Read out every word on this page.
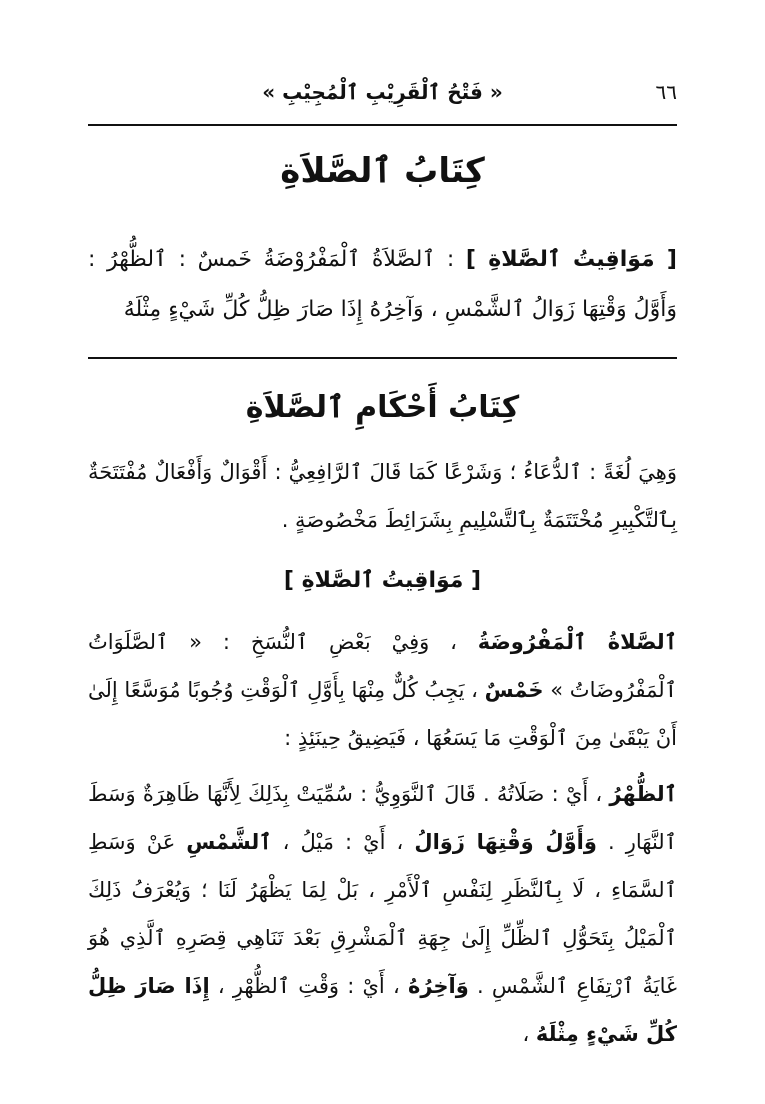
٦٦
« فَتْحُ ٱلْقَرِيْبِ ٱلْمُجِيْبِ »
كِتَابُ ٱلصَّلاَةِ
[ مَوَاقِيتُ ٱلصَّلاةِ ] : ٱلصَّلاَةُ ٱلْمَفْرُوْضَةُ خَمسٌ : ٱلظُّهْرُ : وَأَوَّلُ وَقْتِهَا زَوَالُ ٱلشَّمْسِ ، وَآخِرُهُ إِذَا صَارَ ظِلُّ كُلِّ شَيْءٍ مِثْلَهُ
كِتَابُ أَحْكَامِ ٱلصَّلاَةِ
وَهِيَ لُغَةً : ٱلدُّعَاءُ ؛ وَشَرْعًا كَمَا قَالَ ٱلرَّافِعِيُّ : أَقْوَالٌ وَأَفْعَالٌ مُفْتَتَحَةٌ بِٱلتَّكْبِيرِ مُخْتَتَمَةٌ بِٱلتَّسْلِيمِ بِشَرَائِطَ مَخْصُوصَةٍ .
[ مَوَاقِيتُ ٱلصَّلاةِ ]
ٱلصَّلاةُ ٱلْمَفْرُوضَةُ ، وَفِيْ بَعْضِ ٱلنُّسَخِ : « ٱلصَّلَوَاتُ ٱلْمَفْرُوضَاتُ » خَمْسٌ ، يَجِبُ كُلٌّ مِنْهَا بِأَوَّلِ ٱلْوَقْتِ وُجُوبًا مُوَسَّعًا إِلَىٰ أَنْ يَبْقَىٰ مِنَ ٱلْوَقْتِ مَا يَسَعُهَا ، فَيَضِيقُ حِينَئِذٍ :
ٱلظُّهْرُ ، أَيْ : صَلَاتُهُ . قَالَ ٱلنَّوَوِيُّ : سُمِّيَتْ بِذَلِكَ لِأَنَّهَا ظَاهِرَةٌ وَسَطَ ٱلنَّهَارِ . وَأَوَّلُ وَقْتِهَا زَوَالُ ، أَيْ : مَيْلُ ، ٱلشَّمْسِ عَنْ وَسَطِ ٱلسَّمَاءِ ، لَا بِٱلنَّظَرِ لِنَفْسِ ٱلْأَمْرِ ، بَلْ لِمَا يَظْهَرُ لَنَا ؛ وَيُعْرَفُ ذَلِكَ ٱلْمَيْلُ بِتَحَوُّلِ ٱلظِّلِّ إِلَىٰ جِهَةِ ٱلْمَشْرِقِ بَعْدَ تَنَاهِي قِصَرِهِ ٱلَّذِي هُوَ غَايَةُ ٱرْتِفَاعِ ٱلشَّمْسِ . وَآخِرُهُ ، أَيْ : وَقْتِ ٱلظُّهْرِ ، إِذَا صَارَ ظِلُّ كُلِّ شَيْءٍ مِثْلَهُ ،
